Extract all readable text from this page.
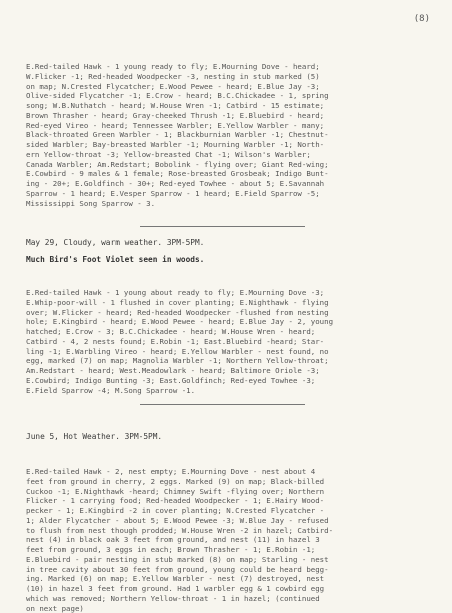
(8)
E.Red-tailed Hawk - 1 young ready to fly; E.Mourning Dove - heard;
W.Flicker -1; Red-headed Woodpecker -3, nesting in stub marked (5)
on map; N.Crested Flycatcher; E.Wood Pewee - heard; E.Blue Jay -3;
Olive-sided Flycatcher -1; E.Crow - heard; B.C.Chickadee - 1, spring
song; W.B.Nuthatch - heard; W.House Wren -1; Catbird - 15 estimate;
Brown Thrasher - heard; Gray-cheeked Thrush -1; E.Bluebird - heard;
Red-eyed Vireo - heard; Tennessee Warbler; E.Yellow Warbler - many;
Black-throated Green Warbler - 1; Blackburnian Warbler -1; Chestnut-
sided Warbler; Bay-breasted Warbler -1; Mourning Warbler -1; North-
ern Yellow-throat -3; Yellow-breasted Chat -1; Wilson's Warbler;
Canada Warbler; Am.Redstart; Bobolink - flying over; Giant Red-wing;
E.Cowbird - 9 males & 1 female; Rose-breasted Grosbeak; Indigo Bunt-
ing - 20+; E.Goldfinch - 30+; Red-eyed Towhee - about 5; E.Savannah
Sparrow - 1 heard; E.Vesper Sparrow - 1 heard; E.Field Sparrow -5;
Mississippi Song Sparrow - 3.
May 29, Cloudy, warm weather. 3PM-5PM.
Much Bird's Foot Violet seen in woods.
E.Red-tailed Hawk - 1 young about ready to fly; E.Mourning Dove -3;
E.Whip-poor-will - 1 flushed in cover planting; E.Nighthawk - flying
over; W.Flicker - heard; Red-headed Woodpecker -flushed from nesting
hole; E.Kingbird - heard; E.Wood Pewee - heard; E.Blue Jay - 2, young
hatched; E.Crow - 3; B.C.Chickadee - heard; W.House Wren - heard;
Catbird - 4, 2 nests found; E.Robin -1; East.Bluebird -heard; Star-
ling -1; E.Warbling Vireo - heard; E.Yellow Warbler - nest found, no
egg, marked (7) on map; Magnolia Warbler -1; Northern Yellow-throat;
Am.Redstart - heard; West.Meadowlark - heard; Baltimore Oriole -3;
E.Cowbird; Indigo Bunting -3; East.Goldfinch; Red-eyed Towhee -3;
E.Field Sparrow -4; M.Song Sparrow -1.
June 5, Hot Weather. 3PM-5PM.
E.Red-tailed Hawk - 2, nest empty; E.Mourning Dove - nest about 4
feet from ground in cherry, 2 eggs. Marked (9) on map; Black-billed
Cuckoo -1; E.Nighthawk -heard; Chimney Swift -flying over; Northern
Flicker - 1 carrying food; Red-headed Woodpecker - 1; E.Hairy Wood-
pecker - 1; E.Kingbird -2 in cover planting; N.Crested Flycatcher -
1; Alder Flycatcher - about 5; E.Wood Pewee -3; W.Blue Jay - refused
to flush from nest though prodded; W.House Wren -2 in hazel; Catbird-
nest (4) in black oak 3 feet from ground, and nest (11) in hazel 3
feet from ground, 3 eggs in each; Brown Thrasher - 1; E.Robin -1;
E.Bluebird - pair nesting in stub marked (8) on map; Starling - nest
in tree cavity about 30 feet from ground, young could be heard begg-
ing. Marked (6) on map; E.Yellow Warbler - nest (7) destroyed, nest
(10) in hazel 3 feet from ground. Had 1 warbler egg & 1 cowbird egg
which was removed; Northern Yellow-throat - 1 in hazel; (continued
on next page)
